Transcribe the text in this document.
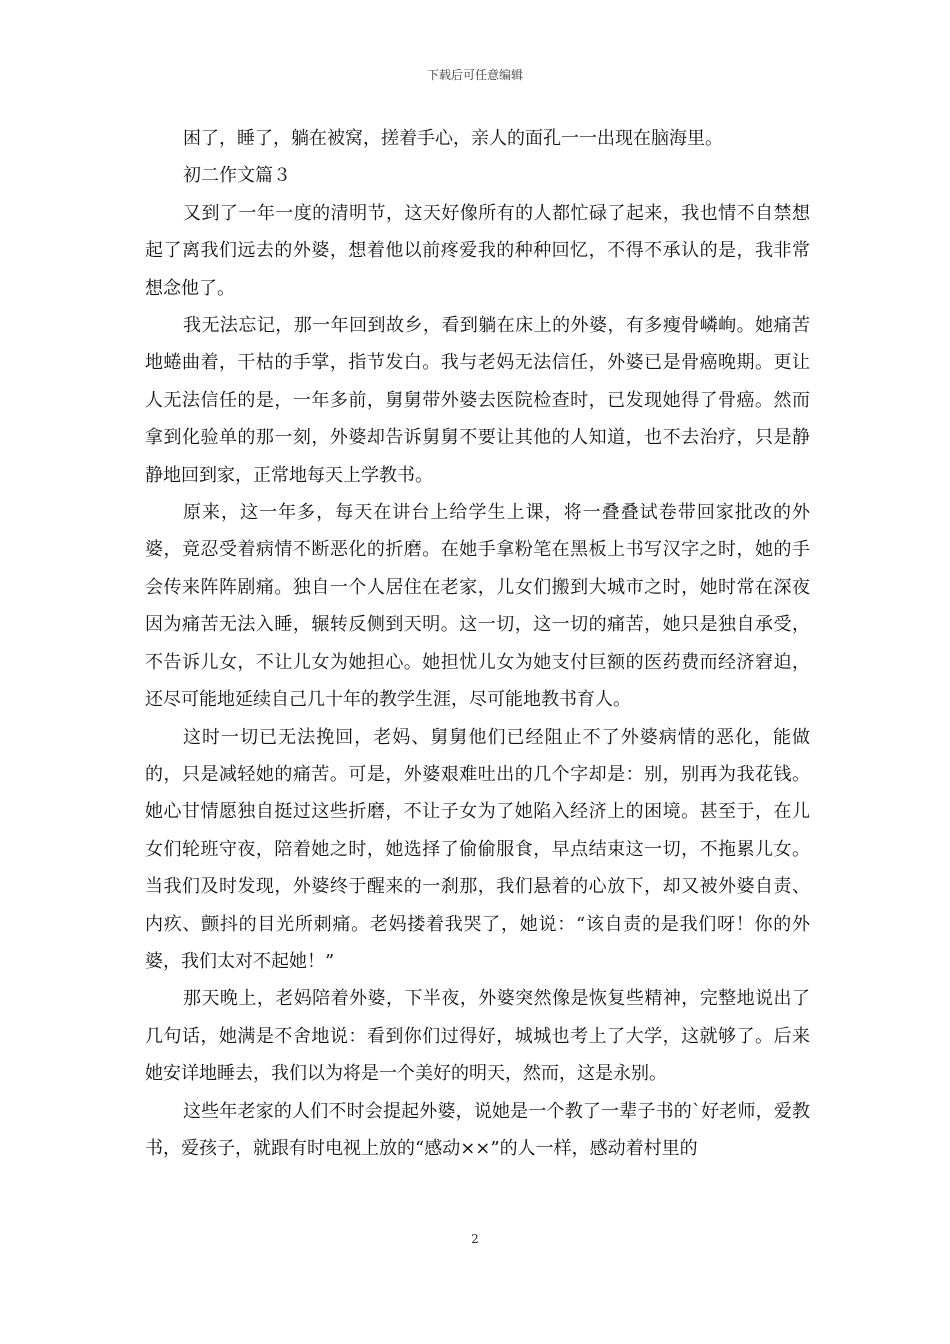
下载后可任意编辑

困了，睡了，躺在被窝，搓着手心，亲人的面孔一一出现在脑海里。

初二作文篇３

又到了一年一度的清明节，这天好像所有的人都忙碌了起来，我也情不自禁想起了离我们远去的外婆，想着他以前疼爱我的种种回忆，不得不承认的是，我非常想念他了。

我无法忘记，那一年回到故乡，看到躺在床上的外婆，有多瘦骨嶙峋。她痛苦地蜷曲着，干枯的手掌，指节发白。我与老妈无法信任，外婆已是骨癌晚期。更让人无法信任的是，一年多前，舅舅带外婆去医院检查时，已发现她得了骨癌。然而拿到化验单的那一刻，外婆却告诉舅舅不要让其他的人知道，也不去治疗，只是静静地回到家，正常地每天上学教书。

原来，这一年多，每天在讲台上给学生上课，将一叠叠试卷带回家批改的外婆，竟忍受着病情不断恶化的折磨。在她手拿粉笔在黑板上书写汉字之时，她的手会传来阵阵剧痛。独自一个人居住在老家，儿女们搬到大城市之时，她时常在深夜因为痛苦无法入睡，辗转反侧到天明。这一切，这一切的痛苦，她只是独自承受，不告诉儿女，不让儿女为她担心。她担忧儿女为她支付巨额的医药费而经济窘迫，还尽可能地延续自己几十年的教学生涯，尽可能地教书育人。

这时一切已无法挽回，老妈、舅舅他们已经阻止不了外婆病情的恶化，能做的，只是减轻她的痛苦。可是，外婆艰难吐出的几个字却是：别，别再为我花钱。她心甘情愿独自挺过这些折磨，不让子女为了她陷入经济上的困境。甚至于，在儿女们轮班守夜，陪着她之时，她选择了偷偷服食，早点结束这一切，不拖累儿女。当我们及时发现，外婆终于醒来的一刹那，我们悬着的心放下，却又被外婆自责、内疚、颤抖的目光所刺痛。老妈搂着我哭了，她说：“该自责的是我们呀！你的外婆，我们太对不起她！”

那天晚上，老妈陪着外婆，下半夜，外婆突然像是恢复些精神，完整地说出了几句话，她满是不舍地说：看到你们过得好，城城也考上了大学，这就够了。后来她安详地睡去，我们以为将是一个美好的明天，然而，这是永别。

这些年老家的人们不时会提起外婆，说她是一个教了一辈子书的`好老师，爱教书，爱孩子，就跟有时电视上放的“感动××”的人一样，感动着村里的

2
